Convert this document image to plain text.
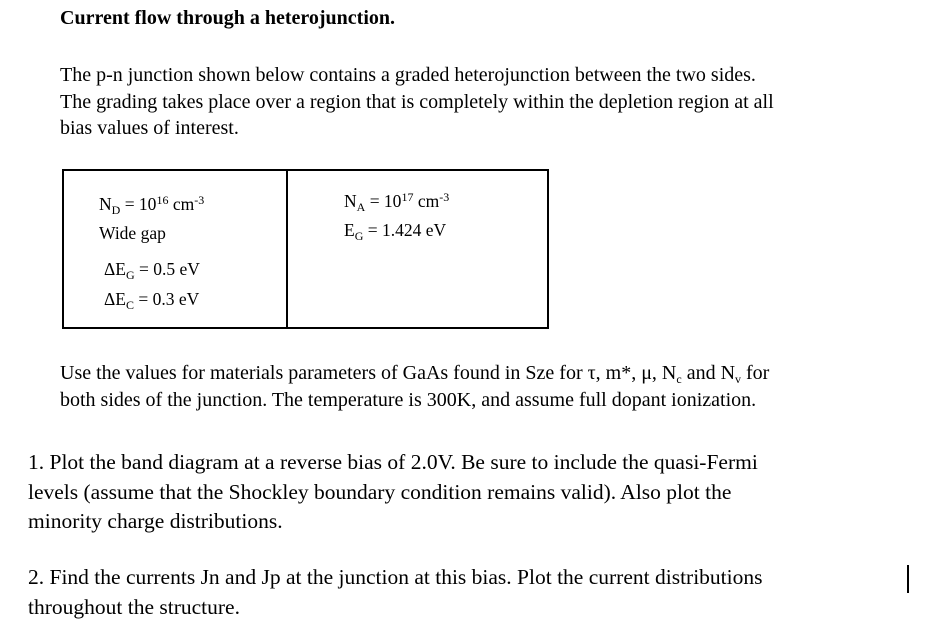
Current flow through a heterojunction.
The p-n junction shown below contains a graded heterojunction between the two sides.
The grading takes place over a region that is completely within the depletion region at all
bias values of interest.
$N_D = 10^{16}$ $cm^{-3}$
Wide gap
$\Delta E_G = 0.5$ eV
$\Delta E_C = 0.3$ eV
$N_A = 10^{17}$ $cm^{-3}$
$E_G = 1.424$ eV
Use the values for materials parameters of GaAs found in Sze for τ, m*, μ, $N_c$ and $N_v$ for
both sides of the junction. The temperature is 300K, and assume full dopant ionization.
1. Plot the band diagram at a reverse bias of 2.0V. Be sure to include the quasi-Fermi
levels (assume that the Shockley boundary condition remains valid). Also plot the
minority charge distributions.
2. Find the currents Jn and Jp at the junction at this bias. Plot the current distributions
throughout the structure.
